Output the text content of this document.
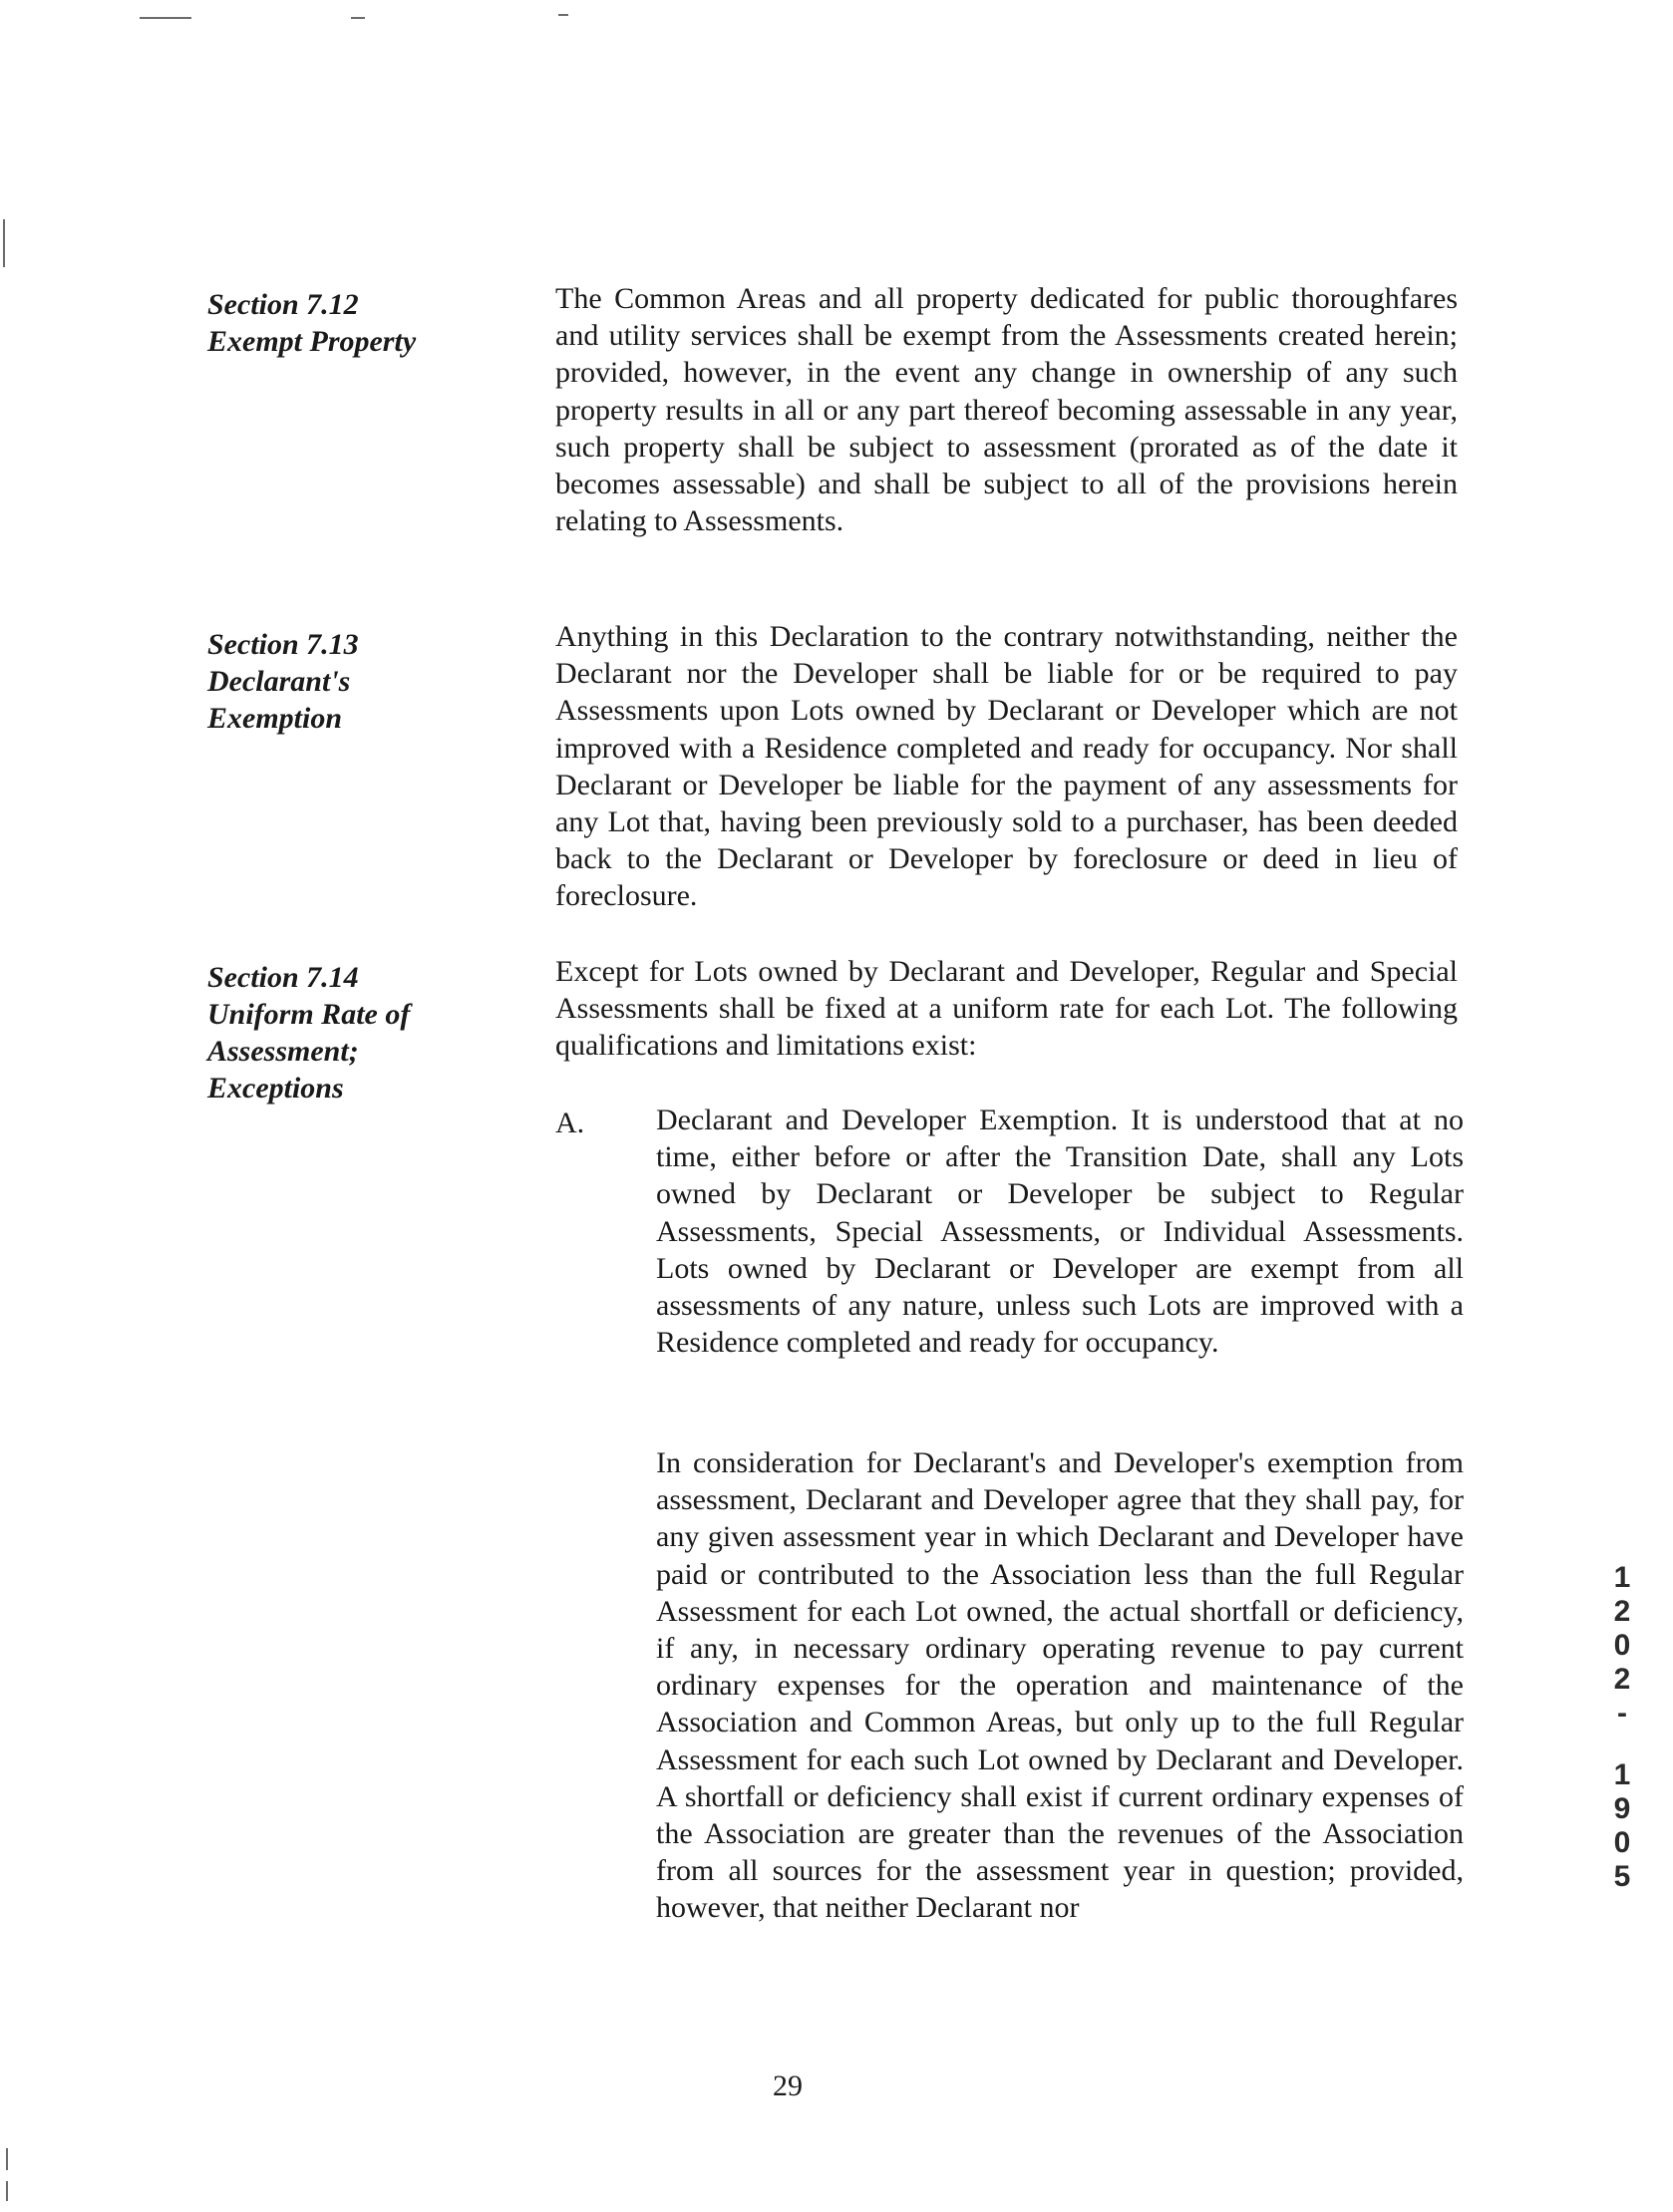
Section 7.12
Exempt Property

The Common Areas and all property dedicated for public thoroughfares and utility services shall be exempt from the Assessments created herein; provided, however, in the event any change in ownership of any such property results in all or any part thereof becoming assessable in any year, such property shall be subject to assessment (prorated as of the date it becomes assessable) and shall be subject to all of the provisions herein relating to Assessments.

Section 7.13
Declarant's
Exemption

Anything in this Declaration to the contrary notwithstanding, neither the Declarant nor the Developer shall be liable for or be required to pay Assessments upon Lots owned by Declarant or Developer which are not improved with a Residence completed and ready for occupancy. Nor shall Declarant or Developer be liable for the payment of any assessments for any Lot that, having been previously sold to a purchaser, has been deeded back to the Declarant or Developer by foreclosure or deed in lieu of foreclosure.

Section 7.14
Uniform Rate of
Assessment;
Exceptions

Except for Lots owned by Declarant and Developer, Regular and Special Assessments shall be fixed at a uniform rate for each Lot. The following qualifications and limitations exist:

A. Declarant and Developer Exemption. It is understood that at no time, either before or after the Transition Date, shall any Lots owned by Declarant or Developer be subject to Regular Assessments, Special Assessments, or Individual Assessments. Lots owned by Declarant or Developer are exempt from all assessments of any nature, unless such Lots are improved with a Residence completed and ready for occupancy.

In consideration for Declarant's and Developer's exemption from assessment, Declarant and Developer agree that they shall pay, for any given assessment year in which Declarant and Developer have paid or contributed to the Association less than the full Regular Assessment for each Lot owned, the actual shortfall or deficiency, if any, in necessary ordinary operating revenue to pay current ordinary expenses for the operation and maintenance of the Association and Common Areas, but only up to the full Regular Assessment for each such Lot owned by Declarant and Developer. A shortfall or deficiency shall exist if current ordinary expenses of the Association are greater than the revenues of the Association from all sources for the assessment year in question; provided, however, that neither Declarant nor

29
1
2
0
2
-
1
9
0
5
